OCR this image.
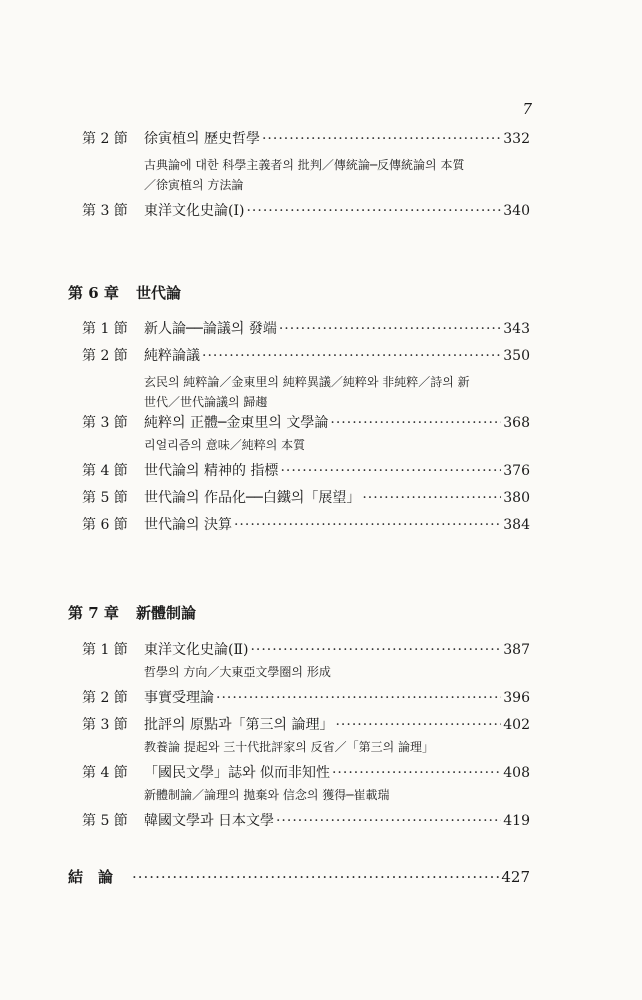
7
第 2 節	徐寅植의 歷史哲學 ·····	332
古典論에 대한 科學主義者의 批判／傳統論─反傳統論의 本質
／徐寅植의 方法論
第 3 節	東洋文化史論(Ⅰ) ·····	340
第 6 章	世代論
第 1 節	新人論──論議의 發端 ·····	343
第 2 節	純粹論議 ·····	350
玄民의 純粹論／金東里의 純粹異議／純粹와 非純粹／詩의 新
世代／世代論議의 歸趨
第 3 節	純粹의 正體─金東里의 文學論 ·····	368
리얼리즘의 意味／純粹의 本質
第 4 節	世代論의 精神的 指標 ·····	376
第 5 節	世代論의 作品化──白鐵의「展望」 ·····	380
第 6 節	世代論의 決算 ·····	384
第 7 章	新體制論
第 1 節	東洋文化史論(Ⅱ) ·····	387
哲學의 方向／大東亞文學圈의 形成
第 2 節	事實受理論 ·····	396
第 3 節	批評의 原點과「第三의 論理」 ·····	402
教養論 提起와 三十代批評家의 反省／「第三의 論理」
第 4 節	「國民文學」誌와 似而非知性 ·····	408
新體制論／論理의 拋棄와 信念의 獲得─崔載瑞
第 5 節	韓國文學과 日本文學 ·····	419
結　論 ·····	427
